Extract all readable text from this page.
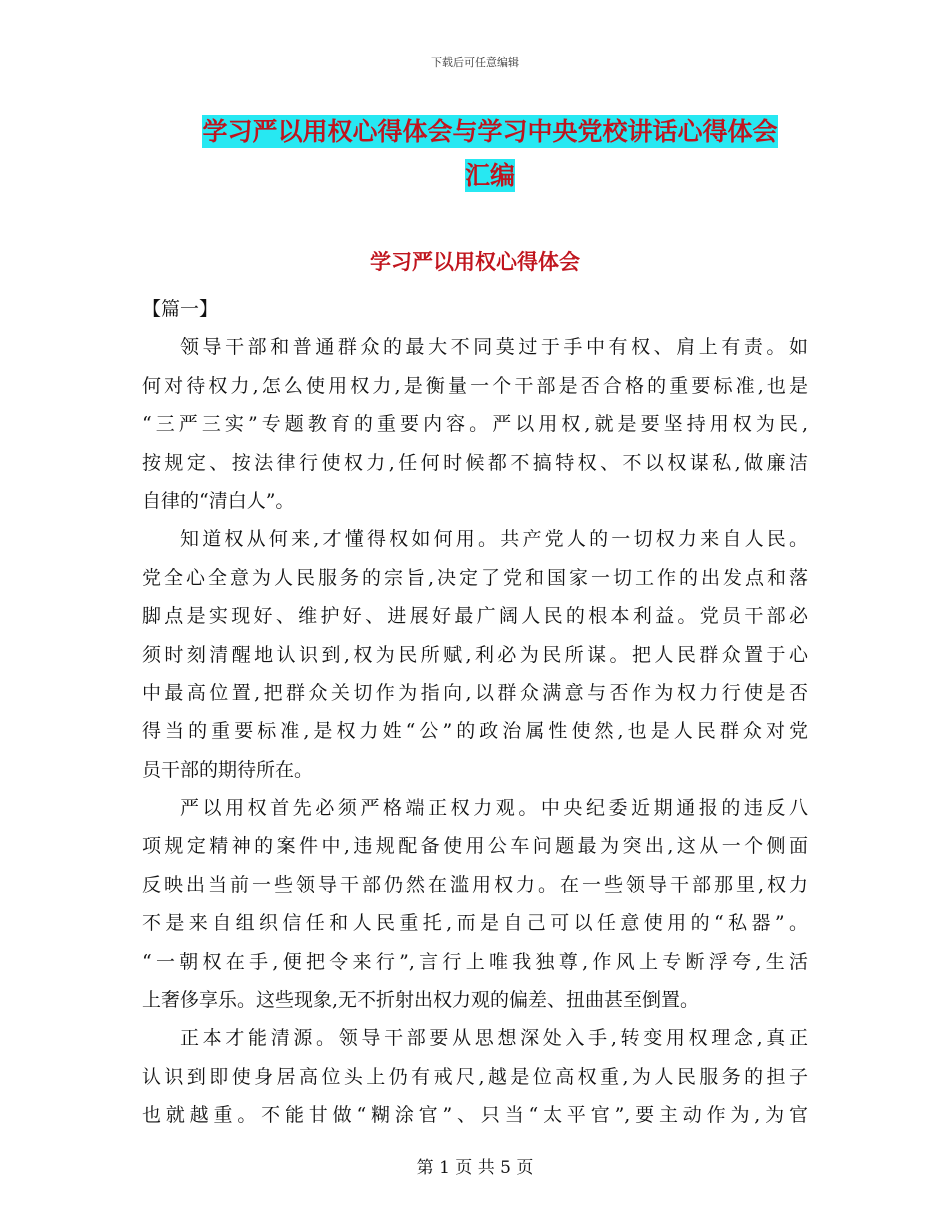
下载后可任意编辑
学习严以用权心得体会与学习中央党校讲话心得体会
汇编
学习严以用权心得体会
【篇一】
领导干部和普通群众的最大不同莫过于手中有权、肩上有责。如
何对待权力,怎么使用权力,是衡量一个干部是否合格的重要标准,也是
“三严三实”专题教育的重要内容。严以用权,就是要坚持用权为民,
按规定、按法律行使权力,任何时候都不搞特权、不以权谋私,做廉洁
自律的“清白人”。
知道权从何来,才懂得权如何用。共产党人的一切权力来自人民。
党全心全意为人民服务的宗旨,决定了党和国家一切工作的出发点和落
脚点是实现好、维护好、进展好最广阔人民的根本利益。党员干部必
须时刻清醒地认识到,权为民所赋,利必为民所谋。把人民群众置于心
中最高位置,把群众关切作为指向,以群众满意与否作为权力行使是否
得当的重要标准,是权力姓“公”的政治属性使然,也是人民群众对党
员干部的期待所在。
严以用权首先必须严格端正权力观。中央纪委近期通报的违反八
项规定精神的案件中,违规配备使用公车问题最为突出,这从一个侧面
反映出当前一些领导干部仍然在滥用权力。在一些领导干部那里,权力
不是来自组织信任和人民重托,而是自己可以任意使用的“私器”。
“一朝权在手,便把令来行”,言行上唯我独尊,作风上专断浮夸,生活
上奢侈享乐。这些现象,无不折射出权力观的偏差、扭曲甚至倒置。
正本才能清源。领导干部要从思想深处入手,转变用权理念,真正
认识到即使身居高位头上仍有戒尺,越是位高权重,为人民服务的担子
也就越重。不能甘做“糊涂官”、只当“太平官”,要主动作为,为官
第 1 页 共 5 页
